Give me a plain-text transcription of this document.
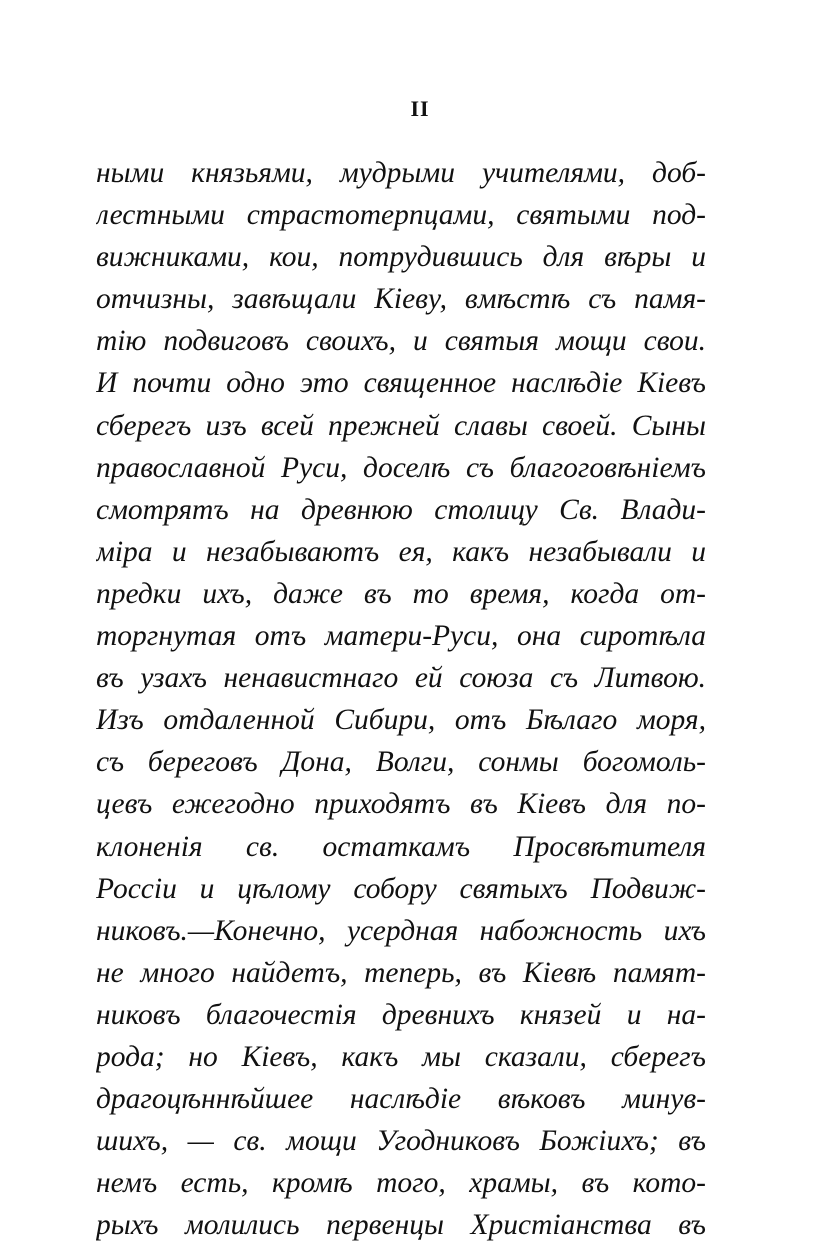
II
ными князьями, мудрыми учителями, доб-
лестными страстотерпцами, святыми под-
вижниками, кои, потрудившись для вѣры и
отчизны, завѣщали Кіеву, вмѣстѣ съ памя-
тію подвиговъ своихъ, и святыя мощи свои.
И почти одно это священное наслѣдіе Кіевъ
сберегъ изъ всей прежней славы своей. Сыны
православной Руси, доселѣ съ благоговѣніемъ
смотрятъ на древнюю столицу Св. Влади-
міра и незабываютъ ея, какъ незабывали и
предки ихъ, даже въ то время, когда от-
торгнутая отъ матери-Руси, она сиротѣла
въ узахъ ненавистнаго ей союза съ Литвою.
Изъ отдаленной Сибири, отъ Бѣлаго моря,
съ береговъ Дона, Волги, сонмы богомоль-
цевъ ежегодно приходятъ въ Кіевъ для по-
клоненія св. остаткамъ Просвѣтителя
Россіи и цѣлому собору святыхъ Подвиж-
никовъ.—Конечно, усердная набожность ихъ
не много найдетъ, теперь, въ Кіевѣ памят-
никовъ благочестія древнихъ князей и на-
рода; но Кіевъ, какъ мы сказали, сберегъ
драгоцѣннѣйшее наслѣдіе вѣковъ минув-
шихъ, — св. мощи Угодниковъ Божіихъ; въ
немъ есть, кромѣ того, храмы, въ кото-
рыхъ молились первенцы Христіанства въ
